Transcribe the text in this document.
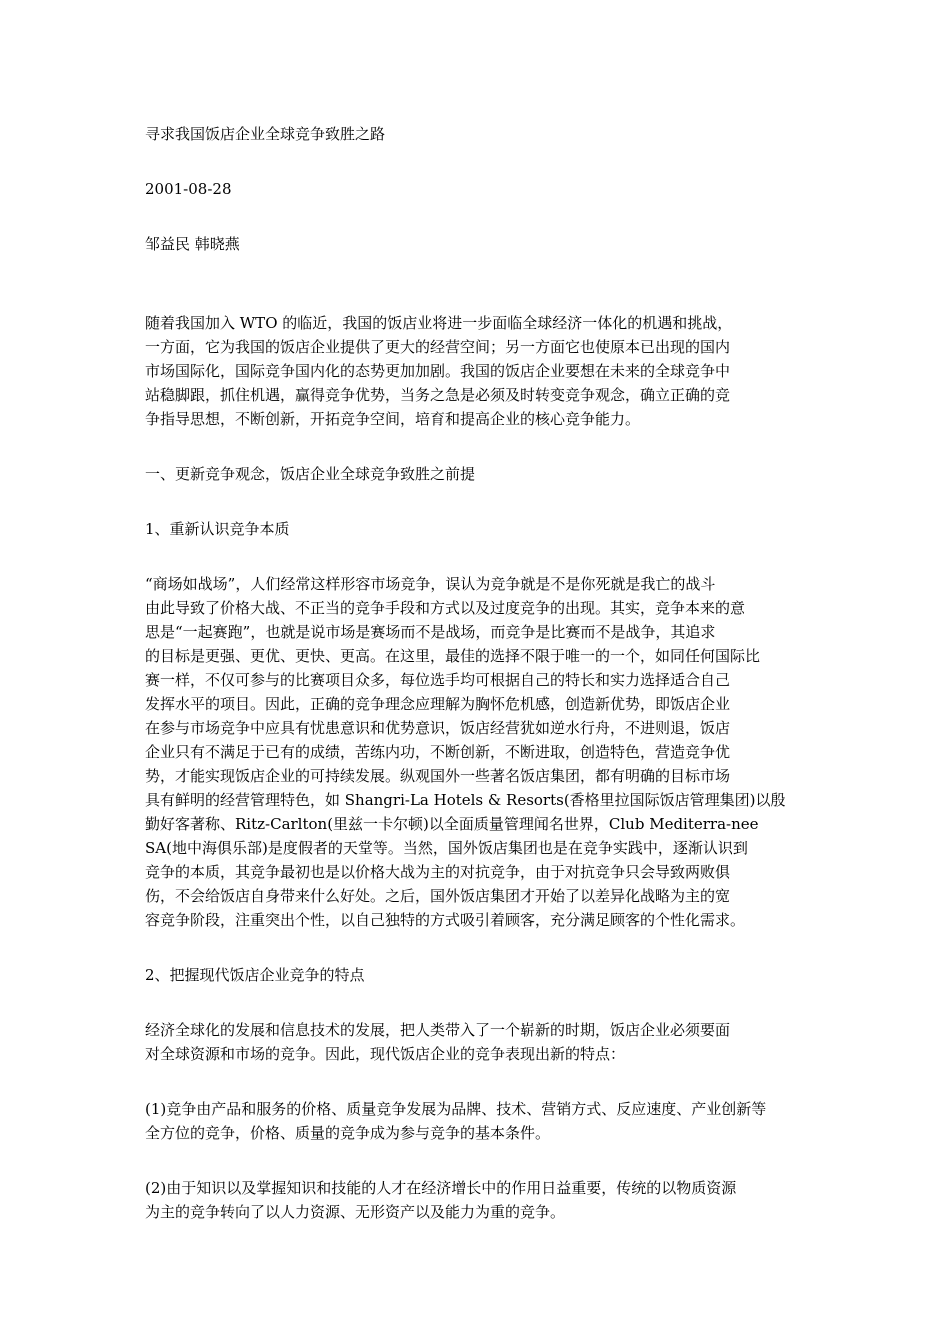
寻求我国饭店企业全球竞争致胜之路

2001-08-28

邹益民 韩晓燕

随着我国加入 WTO 的临近，我国的饭店业将进一步面临全球经济一体化的机遇和挑战，

一方面，它为我国的饭店企业提供了更大的经营空间；另一方面它也使原本已出现的国内

市场国际化，国际竞争国内化的态势更加加剧。我国的饭店企业要想在未来的全球竞争中

站稳脚跟，抓住机遇，赢得竞争优势，当务之急是必须及时转变竞争观念，确立正确的竞

争指导思想，不断创新，开拓竞争空间，培育和提高企业的核心竞争能力。

一、更新竞争观念，饭店企业全球竞争致胜之前提

1、重新认识竞争本质

“商场如战场”，人们经常这样形容市场竞争，误认为竞争就是不是你死就是我亡的战斗

由此导致了价格大战、不正当的竞争手段和方式以及过度竞争的出现。其实，竞争本来的意

思是“一起赛跑”，也就是说市场是赛场而不是战场，而竞争是比赛而不是战争，其追求

的目标是更强、更优、更快、更高。在这里，最佳的选择不限于唯一的一个，如同任何国际比

赛一样，不仅可参与的比赛项目众多，每位选手均可根据自己的特长和实力选择适合自己

发挥水平的项目。因此，正确的竞争理念应理解为胸怀危机感，创造新优势，即饭店企业

在参与市场竞争中应具有忧患意识和优势意识，饭店经营犹如逆水行舟，不进则退，饭店

企业只有不满足于已有的成绩，苦练内功，不断创新，不断进取，创造特色，营造竞争优

势，才能实现饭店企业的可持续发展。纵观国外一些著名饭店集团，都有明确的目标市场

具有鲜明的经营管理特色，如 Shangri-La Hotels & Resorts(香格里拉国际饭店管理集团)以殷

勤好客著称、Ritz-Carlton(里兹一卡尔顿)以全面质量管理闻名世界，Club Mediterra-nee

SA(地中海俱乐部)是度假者的天堂等。当然，国外饭店集团也是在竞争实践中，逐渐认识到

竞争的本质，其竞争最初也是以价格大战为主的对抗竞争，由于对抗竞争只会导致两败俱

伤，不会给饭店自身带来什么好处。之后，国外饭店集团才开始了以差异化战略为主的宽

容竞争阶段，注重突出个性，以自己独特的方式吸引着顾客，充分满足顾客的个性化需求。

2、把握现代饭店企业竞争的特点

经济全球化的发展和信息技术的发展，把人类带入了一个崭新的时期，饭店企业必须要面

对全球资源和市场的竞争。因此，现代饭店企业的竞争表现出新的特点：

(1)竞争由产品和服务的价格、质量竞争发展为品牌、技术、营销方式、反应速度、产业创新等

全方位的竞争，价格、质量的竞争成为参与竞争的基本条件。

(2)由于知识以及掌握知识和技能的人才在经济增长中的作用日益重要，传统的以物质资源

为主的竞争转向了以人力资源、无形资产以及能力为重的竞争。
